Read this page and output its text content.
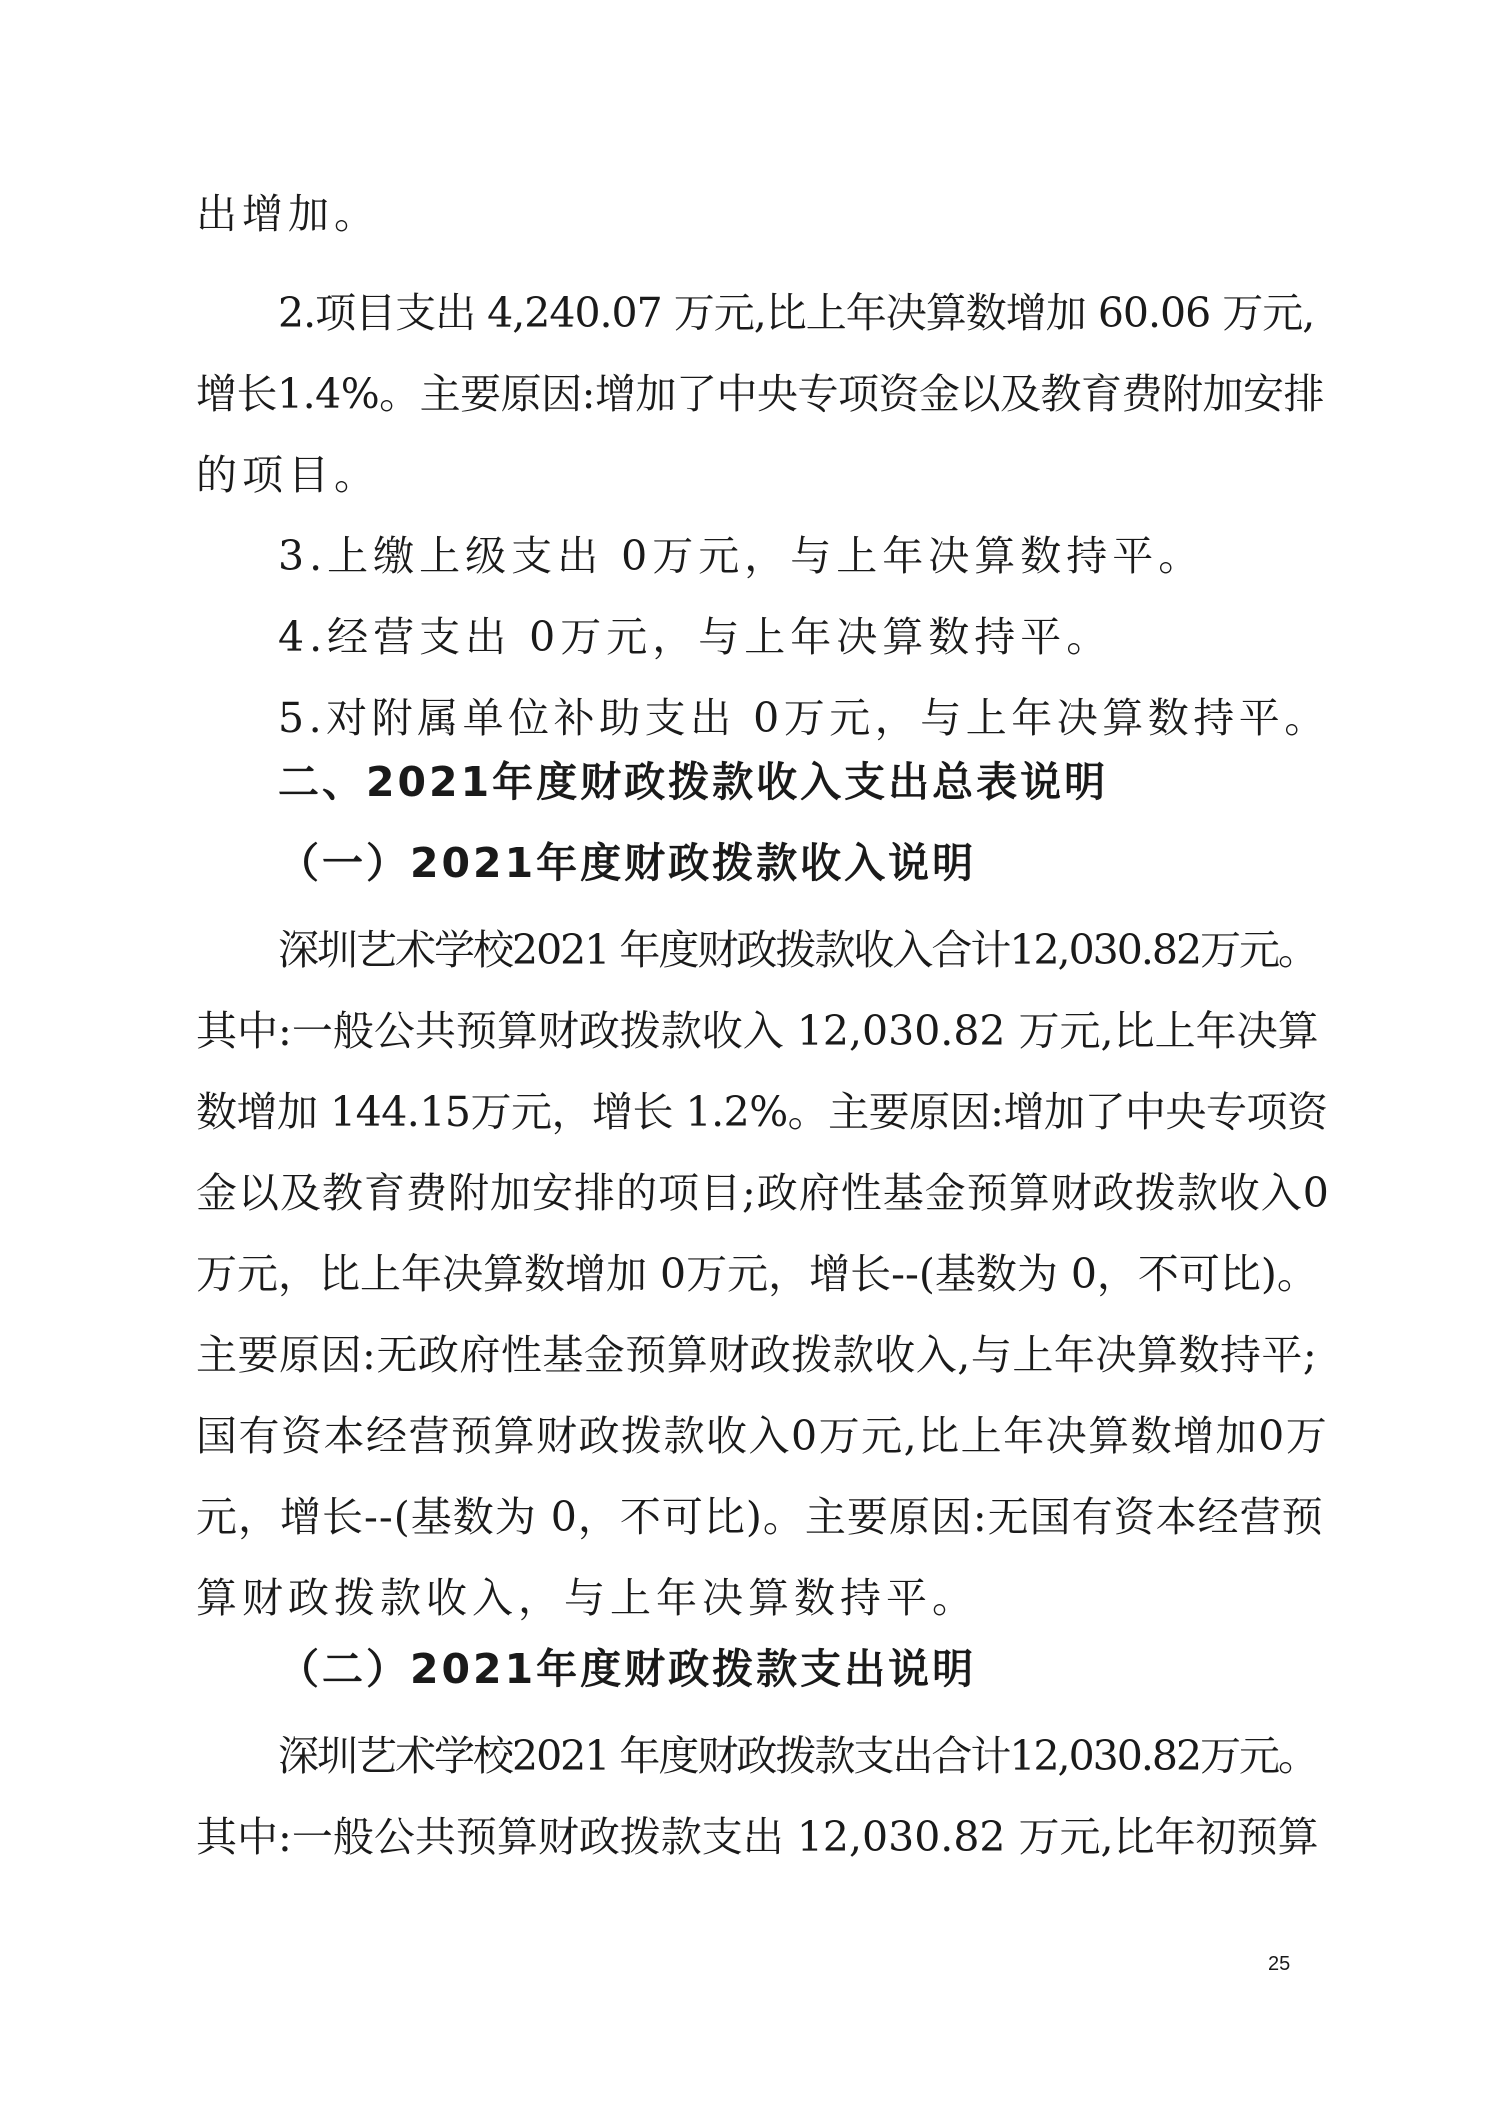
出增加。
2.项目支出 4,240.07 万元,比上年决算数增加 60.06 万元,
增长1.4%。主要原因:增加了中央专项资金以及教育费附加安排
的项目。
3.上缴上级支出 0万元，与上年决算数持平。
4.经营支出 0万元，与上年决算数持平。
5.对附属单位补助支出 0万元，与上年决算数持平。
二、2021年度财政拨款收入支出总表说明
（一）2021年度财政拨款收入说明
深圳艺术学校2021 年度财政拨款收入合计12,030.82万元。
其中:一般公共预算财政拨款收入 12,030.82 万元,比上年决算
数增加 144.15万元，增长 1.2%。主要原因:增加了中央专项资
金以及教育费附加安排的项目;政府性基金预算财政拨款收入0
万元，比上年决算数增加 0万元，增长--(基数为 0，不可比)。
主要原因:无政府性基金预算财政拨款收入,与上年决算数持平;
国有资本经营预算财政拨款收入0万元,比上年决算数增加0万
元，增长--(基数为 0，不可比)。主要原因:无国有资本经营预
算财政拨款收入，与上年决算数持平。
（二）2021年度财政拨款支出说明
深圳艺术学校2021 年度财政拨款支出合计12,030.82万元。
其中:一般公共预算财政拨款支出 12,030.82 万元,比年初预算
25
